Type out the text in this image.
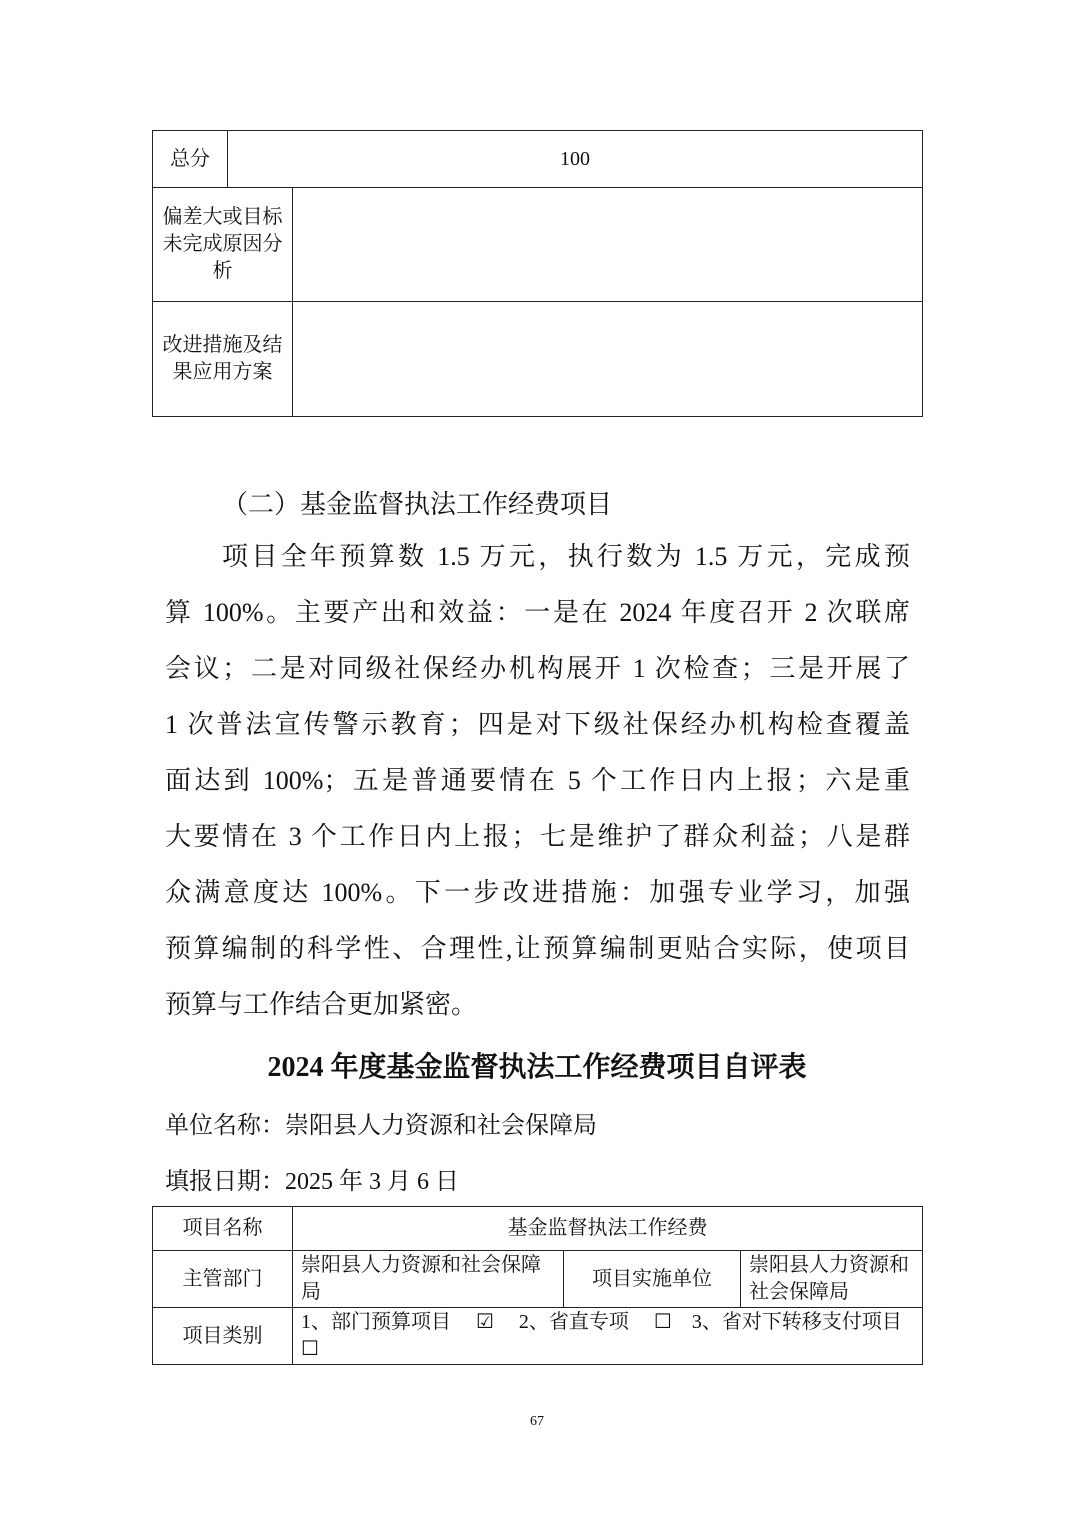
总分	100	
偏差大或目标未完成原因分析		
改进措施及结果应用方案		
（二）基金监督执法工作经费项目
项目全年预算数 1.5 万元，执行数为 1.5 万元，完成预
算 100%。主要产出和效益：一是在 2024 年度召开 2 次联席
会议；二是对同级社保经办机构展开 1 次检查；三是开展了
1 次普法宣传警示教育；四是对下级社保经办机构检查覆盖
面达到 100%；五是普通要情在 5 个工作日内上报；六是重
大要情在 3 个工作日内上报；七是维护了群众利益；八是群
众满意度达 100%。下一步改进措施：加强专业学习，加强
预算编制的科学性、合理性,让预算编制更贴合实际，使项目
预算与工作结合更加紧密。
2024 年度基金监督执法工作经费项目自评表
单位名称：崇阳县人力资源和社会保障局
填报日期：2025 年 3 月 6 日
项目名称	基金监督执法工作经费		
主管部门	崇阳县人力资源和社会保障局	项目实施单位	崇阳县人力资源和社会保障局
项目类别	1、部门预算项目　 ☑　 2、省直专项　 ☐　3、省对下转移支付项目 ☐		
67
